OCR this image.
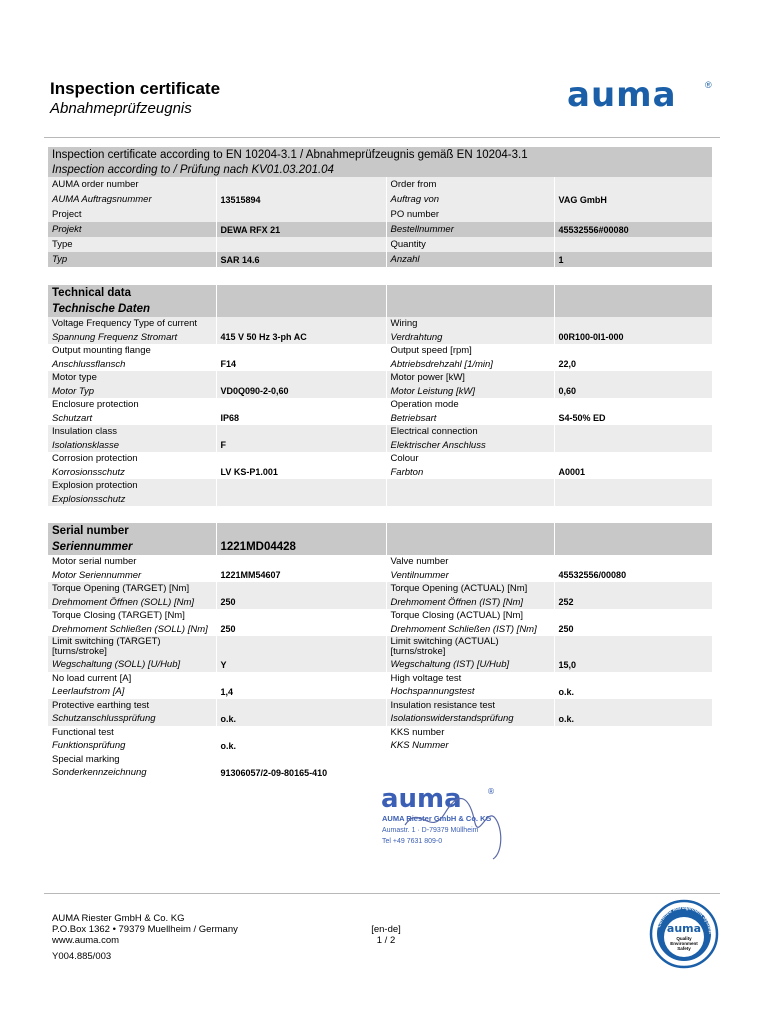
Inspection certificate
Abnahmeprüfzeugnis	auma	®
Inspection certificate according to EN 10204-3.1 / Abnahmeprüfzeugnis gemäß EN 10204-3.1			
Inspection according to / Prüfung nach KV01.03.201.04			
AUMA order number		Order from	
AUMA Auftragsnummer	13515894	Auftrag von	VAG GmbH
Project		PO number	
Projekt	DEWA RFX 21	Bestellnummer	45532556#00080
Type		Quantity	
Typ	SAR 14.6	Anzahl	1
Technical data			
Technische Daten			
Voltage Frequency Type of current		Wiring	
Spannung Frequenz Stromart	415 V 50 Hz 3-ph AC	Verdrahtung	00R100-0I1-000
Output mounting flange		Output speed [rpm]	
Anschlussflansch	F14	Abtriebsdrehzahl [1/min]	22,0
Motor type		Motor power [kW]	
Motor Typ	VD0Q090-2-0,60	Motor Leistung [kW]	0,60
Enclosure protection		Operation mode	
Schutzart	IP68	Betriebsart	S4-50% ED
Insulation class		Electrical connection	
Isolationsklasse	F	Elektrischer Anschluss	
Corrosion protection		Colour	
Korrosionsschutz	LV KS-P1.001	Farbton	A0001
Explosion protection			
Explosionsschutz			
Serial number			
Seriennummer	1221MD04428		
Motor serial number		Valve number	
Motor Seriennummer	1221MM54607	Ventilnummer	45532556/00080
Torque Opening (TARGET) [Nm]		Torque Opening (ACTUAL) [Nm]	
Drehmoment Öffnen (SOLL) [Nm]	250	Drehmoment Öffnen (IST) [Nm]	252
Torque Closing (TARGET) [Nm]		Torque Closing (ACTUAL) [Nm]	
Drehmoment Schließen (SOLL) [Nm]	250	Drehmoment Schließen (IST) [Nm]	250
Limit switching (TARGET) [turns/stroke]		Limit switching (ACTUAL) [turns/stroke]	
Wegschaltung (SOLL) [U/Hub]	Y	Wegschaltung (IST) [U/Hub]	15,0
No load current [A]		High voltage test	
Leerlaufstrom [A]	1,4	Hochspannungstest	o.k.
Protective earthing test		Insulation resistance test	
Schutzanschlussprüfung	o.k.	Isolationswiderstandsprüfung	o.k.
Functional test		KKS number	
Funktionsprüfung	o.k.	KKS Nummer	
Special marking			
Sonderkennzeichnung	91306057/2-09-80165-410		
auma	®
AUMA Riester GmbH & Co. KG
Aumastr. 1 · D-79379 Müllheim
Tel +49 7631 809-0
AUMA Riester GmbH & Co. KG
P.O.Box 1362 • 79379 Muellheim / Germany
www.auma.com
Y004.885/003
[en-de]
1 / 2
Certified Management System
auma
Quality
Environment
Safety
